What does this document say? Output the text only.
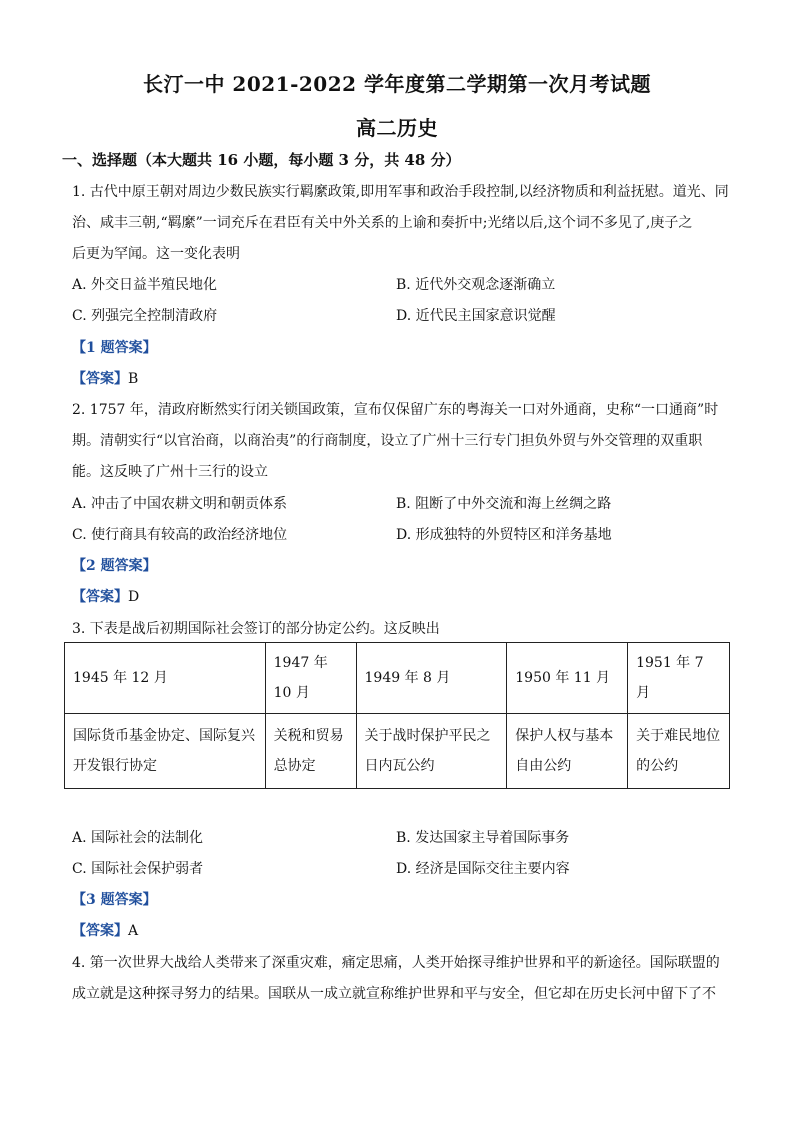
长汀一中 2021-2022 学年度第二学期第一次月考试题
高二历史
一、选择题（本大题共 16 小题，每小题 3 分，共 48 分）
1. 古代中原王朝对周边少数民族实行羁縻政策,即用军事和政治手段控制,以经济物质和利益抚慰。道光、同
治、咸丰三朝,“羁縻”一词充斥在君臣有关中外关系的上谕和奏折中;光绪以后,这个词不多见了,庚子之
后更为罕闻。这一变化表明
A. 外交日益半殖民地化	B. 近代外交观念逐渐确立
C. 列强完全控制清政府	D. 近代民主国家意识觉醒
【1 题答案】
【答案】B
2. 1757 年，清政府断然实行闭关锁国政策，宣布仅保留广东的粤海关一口对外通商，史称“一口通商”时
期。清朝实行“以官治商，以商治夷”的行商制度，设立了广州十三行专门担负外贸与外交管理的双重职
能。这反映了广州十三行的设立
A. 冲击了中国农耕文明和朝贡体系	B. 阻断了中外交流和海上丝绸之路
C. 使行商具有较高的政治经济地位	D. 形成独特的外贸特区和洋务基地
【2 题答案】
【答案】D
3. 下表是战后初期国际社会签订的部分协定公约。这反映出
1945 年 12 月	1947 年 10 月	1949 年 8 月	1950 年 11 月	1951 年 7 月
国际货币基金协定、国际复兴开发银行协定	关税和贸易总协定	关于战时保护平民之日内瓦公约	保护人权与基本自由公约	关于难民地位的公约
A. 国际社会的法制化	B. 发达国家主导着国际事务
C. 国际社会保护弱者	D. 经济是国际交往主要内容
【3 题答案】
【答案】A
4. 第一次世界大战给人类带来了深重灾难，痛定思痛，人类开始探寻维护世界和平的新途径。国际联盟的
成立就是这种探寻努力的结果。国联从一成立就宣称维护世界和平与安全，但它却在历史长河中留下了不
